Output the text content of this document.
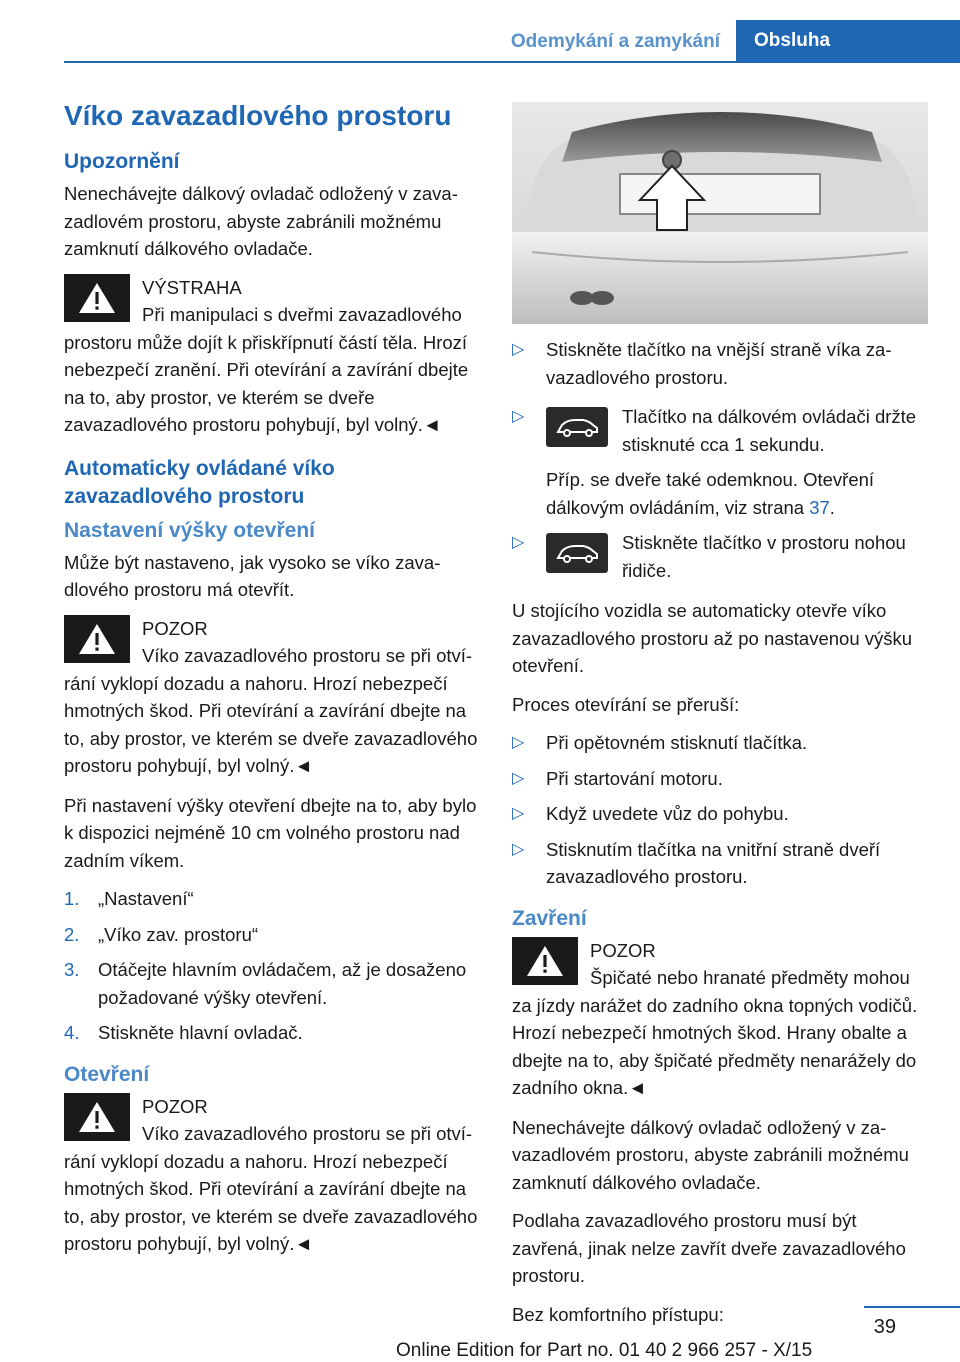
Odemykání a zamykání	Obsluha
Víko zavazadlového prostoru
Upozornění

Nenechávejte dálkový ovladač odložený v zavazadlovém prostoru, abyste zabránili možnému zamknutí dálkového ovladače.

VÝSTRAHA
Při manipulaci s dveřmi zavazadlového prostoru může dojít k přiskřípnutí částí těla. Hrozí nebezpečí zranění. Při otevírání a zavírání dbejte na to, aby prostor, ve kterém se dveře zavazadlového prostoru pohybují, byl volný.◄
Automaticky ovládané víko zavazadlového prostoru
Nastavení výšky otevření

Může být nastaveno, jak vysoko se víko zavadlového prostoru má otevřít.

POZOR
Víko zavazadlového prostoru se při otvírání vyklopí dozadu a nahoru. Hrozí nebezpečí hmotných škod. Při otevírání a zavírání dbejte na to, aby prostor, ve kterém se dveře zavazadlového prostoru pohybují, byl volný.◄

Při nastavení výšky otevření dbejte na to, aby bylo k dispozici nejméně 10 cm volného prostoru nad zadním víkem.

1. „Nastavení“
2. „Víko zav. prostoru“
3. Otáčejte hlavním ovládačem, až je dosaženo požadované výšky otevření.
4. Stiskněte hlavní ovladač.
Otevření
POZOR
Víko zavazadlového prostoru se při otvírání vyklopí dozadu a nahoru. Hrozí nebezpečí hmotných škod. Při otevírání a zavírání dbejte na to, aby prostor, ve kterém se dveře zavazadlového prostoru pohybují, byl volný.◄
▷ Stiskněte tlačítko na vnější straně víka zavazadlového prostoru.
▷	Tlačítko na dálkovém ovládači držte stisknuté cca 1 sekundu.
Příp. se dveře také odemknou. Otevření dálkovým ovládáním, viz strana 37.
▷	Stiskněte tlačítko v prostoru nohou řidiče.

U stojícího vozidla se automaticky otevře víko zavazadlového prostoru až po nastavenou výšku otevření.

Proces otevírání se přeruší:

▷ Při opětovném stisknutí tlačítka.
▷ Při startování motoru.
▷ Když uvedete vůz do pohybu.
▷ Stisknutím tlačítka na vnitřní straně dveří zavazadlového prostoru.
Zavření
POZOR
Špičaté nebo hranaté předměty mohou za jízdy narážet do zadního okna topných vodičů. Hrozí nebezpečí hmotných škod. Hrany obalte a dbejte na to, aby špičaté předměty nenarážely do zadního okna.◄

Nenechávejte dálkový ovladač odložený v zavazadlovém prostoru, abyste zabránili možnému zamknutí dálkového ovladače.

Podlaha zavazadlového prostoru musí být zavřená, jinak nelze zavřít dveře zavazadlového prostoru.

Bez komfortního přístupu:

39
Online Edition for Part no. 01 40 2 966 257 - X/15
